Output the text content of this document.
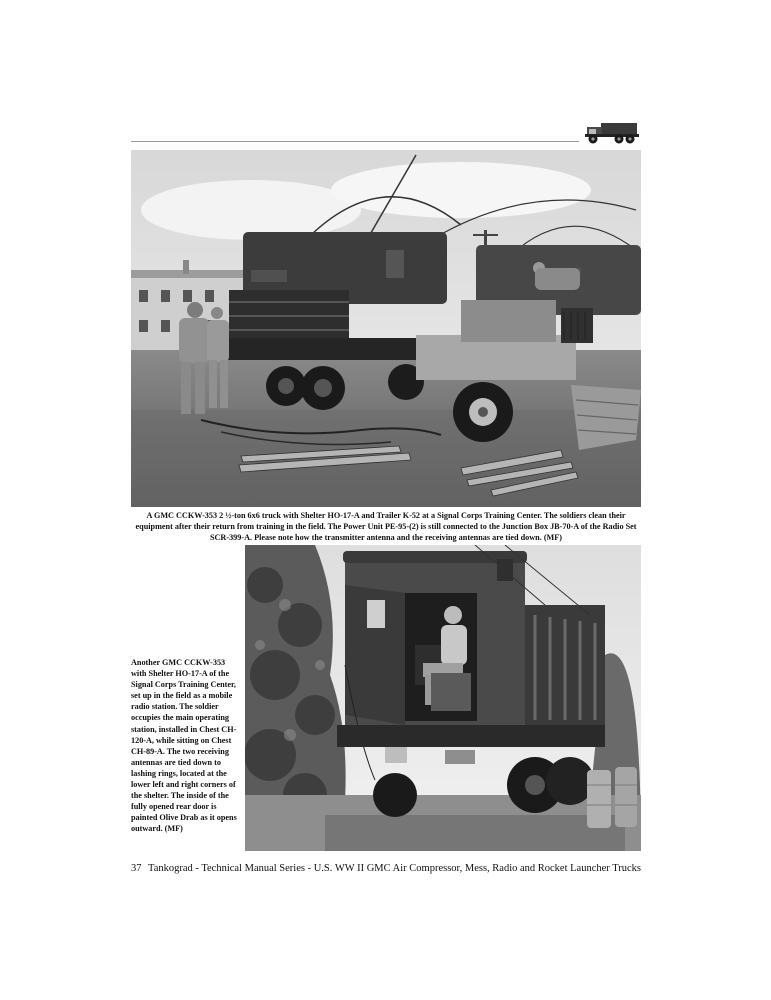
A GMC CCKW-353 2 ½-ton 6x6 truck with Shelter HO-17-A and Trailer K-52 at a Signal Corps Training Center. The soldiers clean their equipment after their return from training in the field. The Power Unit PE-95-(2) is still connected to the Junction Box JB-70-A of the Radio Set SCR-399-A. Please note how the transmitter antenna and the receiving antennas are tied down. (MF)

Another GMC CCKW-353 with Shelter HO-17-A of the Signal Corps Training Center, set up in the field as a mobile radio station. The soldier occupies the main operating station, installed in Chest CH-120-A, while sitting on Chest CH-89-A. The two receiving antennas are tied down to lashing rings, located at the lower left and right corners of the shelter. The inside of the fully opened rear door is painted Olive Drab as it opens outward. (MF)

37 Tankograd - Technical Manual Series - U.S. WW II GMC Air Compressor, Mess, Radio and Rocket Launcher Trucks
